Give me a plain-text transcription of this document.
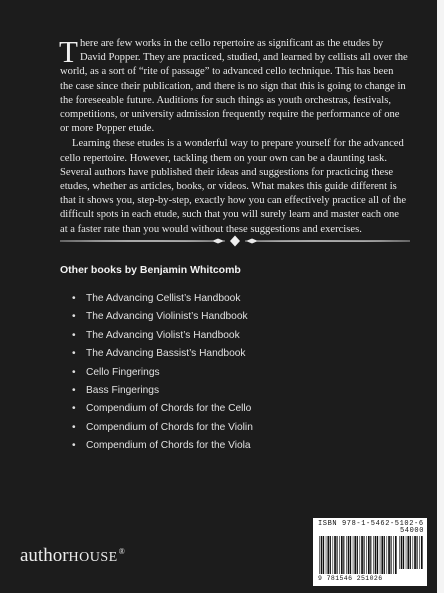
There are few works in the cello repertoire as significant as the etudes by David Popper. They are practiced, studied, and learned by cellists all over the world, as a sort of “rite of passage” to advanced cello technique. This has been the case since their publication, and there is no sign that this is going to change in the foreseeable future. Auditions for such things as youth orchestras, festivals, competitions, or university admission frequently require the performance of one or more Popper etude.

Learning these etudes is a wonderful way to prepare yourself for the advanced cello repertoire. However, tackling them on your own can be a daunting task. Several authors have published their ideas and suggestions for practicing these etudes, whether as articles, books, or videos. What makes this guide different is that it shows you, step-by-step, exactly how you can effectively practice all of the difficult spots in each etude, such that you will surely learn and master each one at a faster rate than you would without these suggestions and exercises.

Other books by Benjamin Whitcomb
• The Advancing Cellist’s Handbook
• The Advancing Violinist’s Handbook
• The Advancing Violist’s Handbook
• The Advancing Bassist’s Handbook
• Cello Fingerings
• Bass Fingerings
• Compendium of Chords for the Cello
• Compendium of Chords for the Violin
• Compendium of Chords for the Viola
authorHOUSE®
ISBN 978-1-5462-5102-6
54000
9 781546 251026
